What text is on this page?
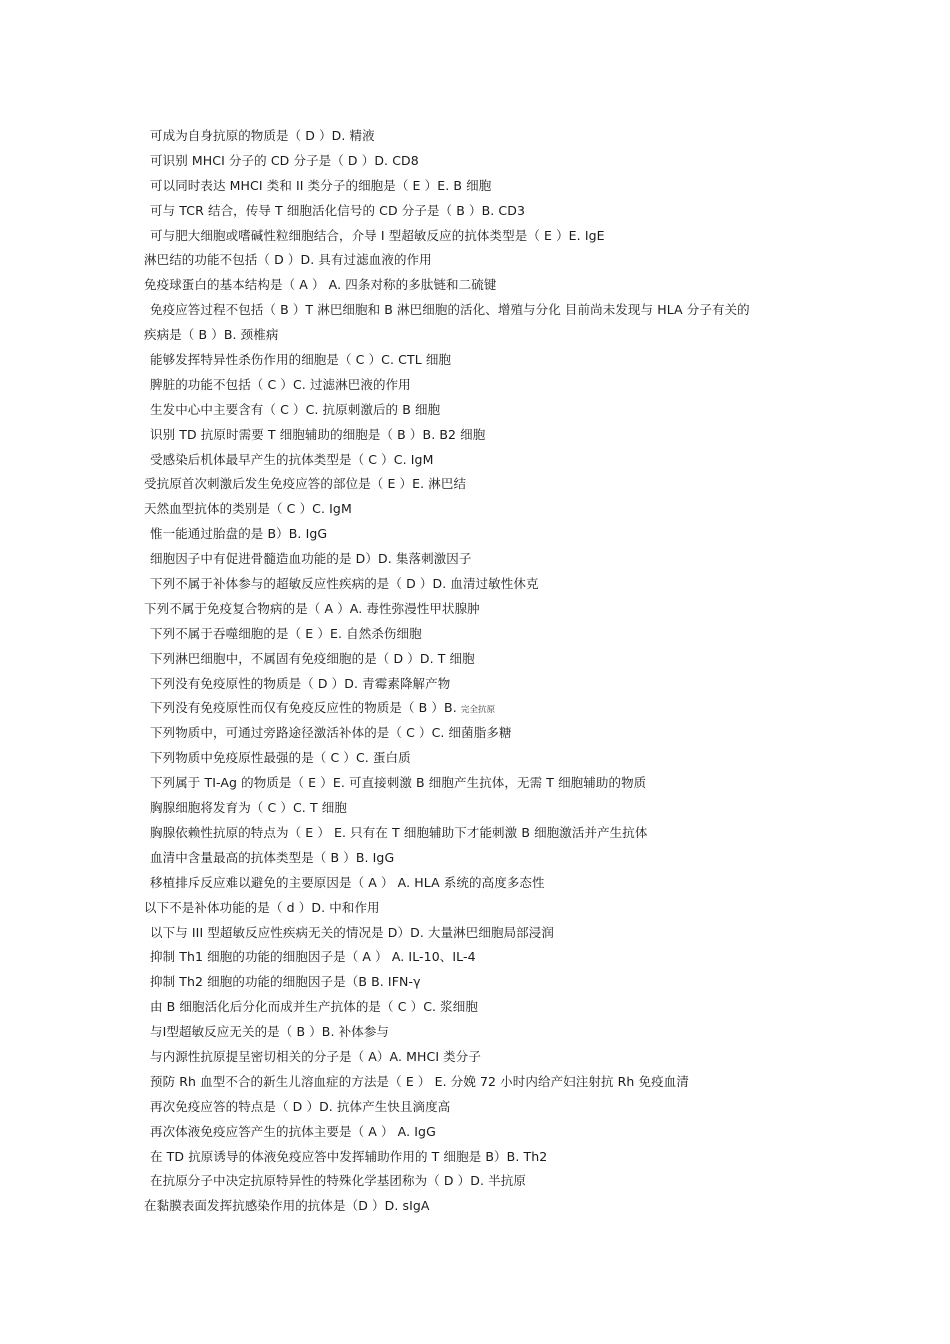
可成为自身抗原的物质是（ D ）D. 精液
可识别 MHCI 分子的 CD 分子是（ D ）D. CD8
可以同时表达 MHCI 类和 II 类分子的细胞是（ E ）E. B 细胞
可与 TCR 结合，传导 T 细胞活化信号的 CD 分子是（ B ）B. CD3
可与肥大细胞或嗜碱性粒细胞结合，介导 I 型超敏反应的抗体类型是（ E ）E. IgE
淋巴结的功能不包括（ D ）D. 具有过滤血液的作用
免疫球蛋白的基本结构是（ A ） A. 四条对称的多肽链和二硫键
免疫应答过程不包括（ B ）T 淋巴细胞和 B 淋巴细胞的活化、增殖与分化 目前尚未发现与 HLA 分子有关的
疾病是（ B ）B. 颈椎病
能够发挥特异性杀伤作用的细胞是（ C ）C. CTL 细胞
脾脏的功能不包括（ C ）C. 过滤淋巴液的作用
生发中心中主要含有（ C ）C. 抗原刺激后的 B 细胞
识别 TD 抗原时需要 T 细胞辅助的细胞是（ B ）B. B2 细胞
受感染后机体最早产生的抗体类型是（ C ）C. IgM
受抗原首次刺激后发生免疫应答的部位是（ E ）E. 淋巴结
天然血型抗体的类别是（ C ）C. IgM
惟一能通过胎盘的是 B）B. IgG
细胞因子中有促进骨髓造血功能的是 D）D. 集落刺激因子
下列不属于补体参与的超敏反应性疾病的是（ D ）D. 血清过敏性休克
下列不属于免疫复合物病的是（ A ）A. 毒性弥漫性甲状腺肿
下列不属于吞噬细胞的是（ E ）E. 自然杀伤细胞
下列淋巴细胞中，不属固有免疫细胞的是（ D ）D. T 细胞
下列没有免疫原性的物质是（ D ）D. 青霉素降解产物
下列没有免疫原性而仅有免疫反应性的物质是（ B ）B. 完全抗原
下列物质中，可通过旁路途径激活补体的是（ C ）C. 细菌脂多糖
下列物质中免疫原性最强的是（ C ）C. 蛋白质
下列属于 TI-Ag 的物质是（ E ）E. 可直接刺激 B 细胞产生抗体，无需 T 细胞辅助的物质
胸腺细胞将发育为（ C ）C. T 细胞
胸腺依赖性抗原的特点为（ E ） E. 只有在 T 细胞辅助下才能刺激 B 细胞激活并产生抗体
血清中含量最高的抗体类型是（ B ）B. IgG
移植排斥反应难以避免的主要原因是（ A ） A. HLA 系统的高度多态性
以下不是补体功能的是（ d ）D. 中和作用
以下与 III 型超敏反应性疾病无关的情况是 D）D. 大量淋巴细胞局部浸润
抑制 Th1 细胞的功能的细胞因子是（ A ） A. IL-10、IL-4
抑制 Th2 细胞的功能的细胞因子是（B B. IFN-γ
由 B 细胞活化后分化而成并生产抗体的是（ C ）C. 浆细胞
与Ⅰ型超敏反应无关的是（ B ）B. 补体参与
与内源性抗原提呈密切相关的分子是（ A）A. MHCⅠ 类分子
预防 Rh 血型不合的新生儿溶血症的方法是（ E ） E. 分娩 72 小时内给产妇注射抗 Rh 免疫血清
再次免疫应答的特点是（ D ）D. 抗体产生快且滴度高
再次体液免疫应答产生的抗体主要是（ A ） A. IgG
在 TD 抗原诱导的体液免疫应答中发挥辅助作用的 T 细胞是 B）B. Th2
在抗原分子中决定抗原特异性的特殊化学基团称为（ D ）D. 半抗原
在黏膜表面发挥抗感染作用的抗体是（D ）D. sIgA
